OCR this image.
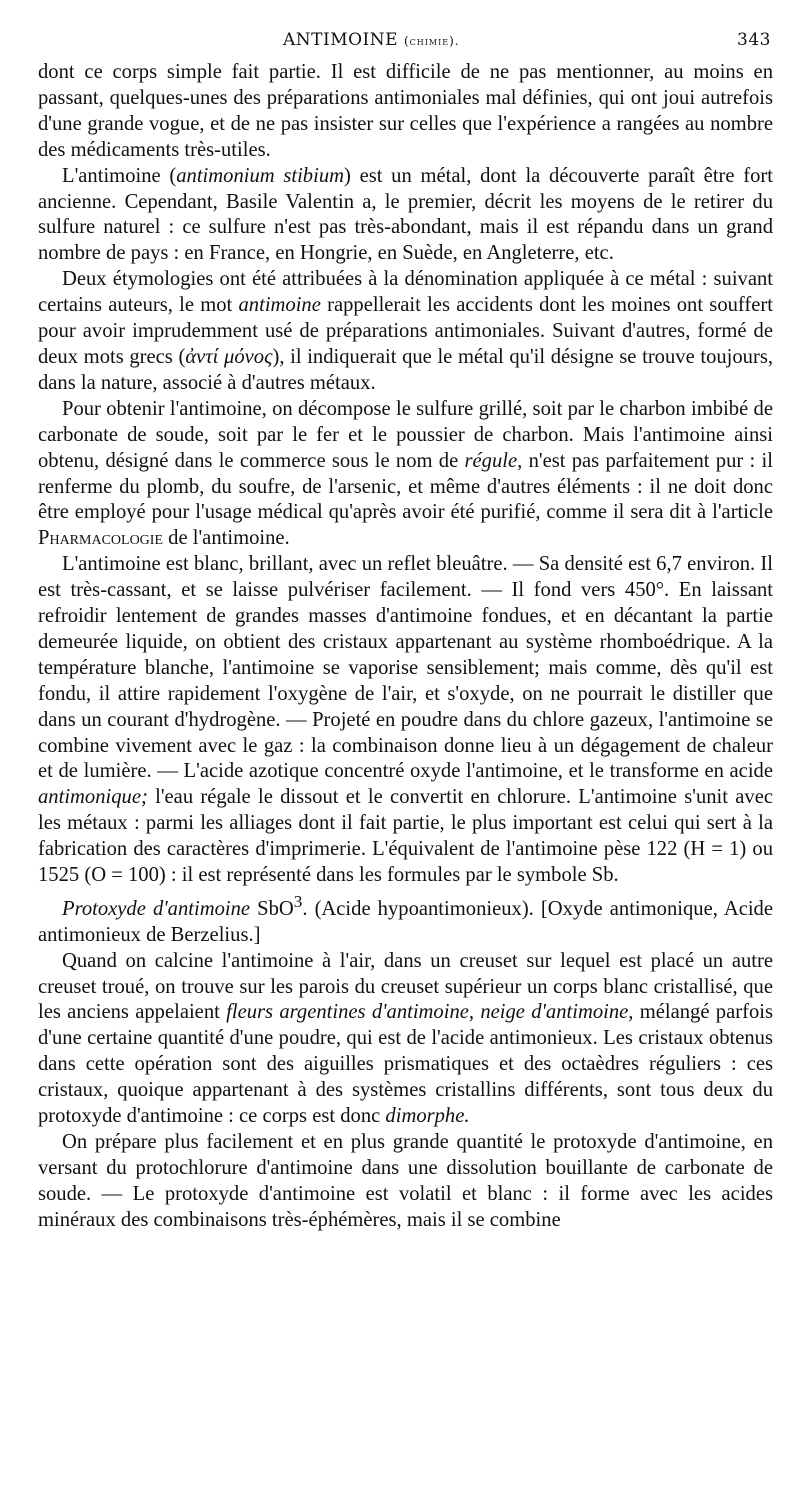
ANTIMOINE (chimie).	343

dont ce corps simple fait partie. Il est difficile de ne pas mentionner, au moins en passant, quelques-unes des préparations antimoniales mal définies, qui ont joui autrefois d'une grande vogue, et de ne pas insister sur celles que l'expérience a rangées au nombre des médicaments très-utiles.

L'antimoine (antimonium stibium) est un métal, dont la découverte paraît être fort ancienne. Cependant, Basile Valentin a, le premier, décrit les moyens de le retirer du sulfure naturel : ce sulfure n'est pas très-abondant, mais il est répandu dans un grand nombre de pays : en France, en Hongrie, en Suède, en Angleterre, etc.

Deux étymologies ont été attribuées à la dénomination appliquée à ce métal : suivant certains auteurs, le mot antimoine rappellerait les accidents dont les moines ont souffert pour avoir imprudemment usé de préparations antimoniales. Suivant d'autres, formé de deux mots grecs (ἀντί μόνος), il indiquerait que le métal qu'il désigne se trouve toujours, dans la nature, associé à d'autres métaux.

Pour obtenir l'antimoine, on décompose le sulfure grillé, soit par le charbon imbibé de carbonate de soude, soit par le fer et le poussier de charbon. Mais l'antimoine ainsi obtenu, désigné dans le commerce sous le nom de régule, n'est pas parfaitement pur : il renferme du plomb, du soufre, de l'arsenic, et même d'autres éléments : il ne doit donc être employé pour l'usage médical qu'après avoir été purifié, comme il sera dit à l'article Pharmacologie de l'antimoine.

L'antimoine est blanc, brillant, avec un reflet bleuâtre. — Sa densité est 6,7 environ. Il est très-cassant, et se laisse pulvériser facilement. — Il fond vers 450°. En laissant refroidir lentement de grandes masses d'antimoine fondues, et en décantant la partie demeurée liquide, on obtient des cristaux appartenant au système rhomboédrique. A la température blanche, l'antimoine se vaporise sensiblement; mais comme, dès qu'il est fondu, il attire rapidement l'oxygène de l'air, et s'oxyde, on ne pourrait le distiller que dans un courant d'hydrogène. — Projeté en poudre dans du chlore gazeux, l'antimoine se combine vivement avec le gaz : la combinaison donne lieu à un dégagement de chaleur et de lumière. — L'acide azotique concentré oxyde l'antimoine, et le transforme en acide antimonique; l'eau régale le dissout et le convertit en chlorure. L'antimoine s'unit avec les métaux : parmi les alliages dont il fait partie, le plus important est celui qui sert à la fabrication des caractères d'imprimerie. L'équivalent de l'antimoine pèse 122 (H = 1) ou 1525 (O = 100) : il est représenté dans les formules par le symbole Sb.

Protoxyde d'antimoine SbO$^3$. (Acide hypoantimonieux). [Oxyde antimonique, Acide antimonieux de Berzelius.]

Quand on calcine l'antimoine à l'air, dans un creuset sur lequel est placé un autre creuset troué, on trouve sur les parois du creuset supérieur un corps blanc cristallisé, que les anciens appelaient fleurs argentines d'antimoine, neige d'antimoine, mélangé parfois d'une certaine quantité d'une poudre, qui est de l'acide antimonieux. Les cristaux obtenus dans cette opération sont des aiguilles prismatiques et des octaèdres réguliers : ces cristaux, quoique appartenant à des systèmes cristallins différents, sont tous deux du protoxyde d'antimoine : ce corps est donc dimorphe.

On prépare plus facilement et en plus grande quantité le protoxyde d'antimoine, en versant du protochlorure d'antimoine dans une dissolution bouillante de carbonate de soude. — Le protoxyde d'antimoine est volatil et blanc : il forme avec les acides minéraux des combinaisons très-éphémères, mais il se combine
